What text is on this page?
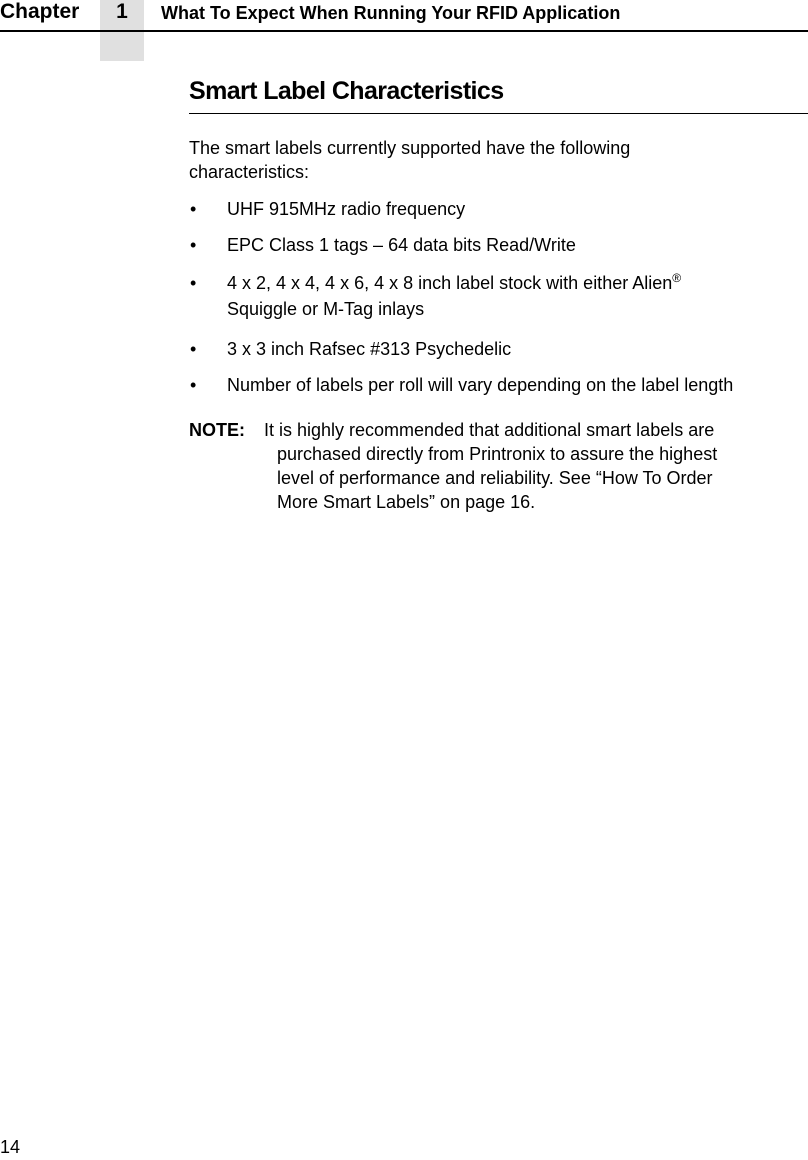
Chapter	1	What To Expect When Running Your RFID Application
Smart Label Characteristics
The smart labels currently supported have the following
characteristics:
• UHF 915MHz radio frequency
• EPC Class 1 tags – 64 data bits Read/Write
• 4 x 2, 4 x 4, 4 x 6, 4 x 8 inch label stock with either Alien®
Squiggle or M-Tag inlays
• 3 x 3 inch Rafsec #313 Psychedelic
• Number of labels per roll will vary depending on the label length
NOTE: It is highly recommended that additional smart labels are
purchased directly from Printronix to assure the highest
level of performance and reliability. See “How To Order
More Smart Labels” on page 16.
14
